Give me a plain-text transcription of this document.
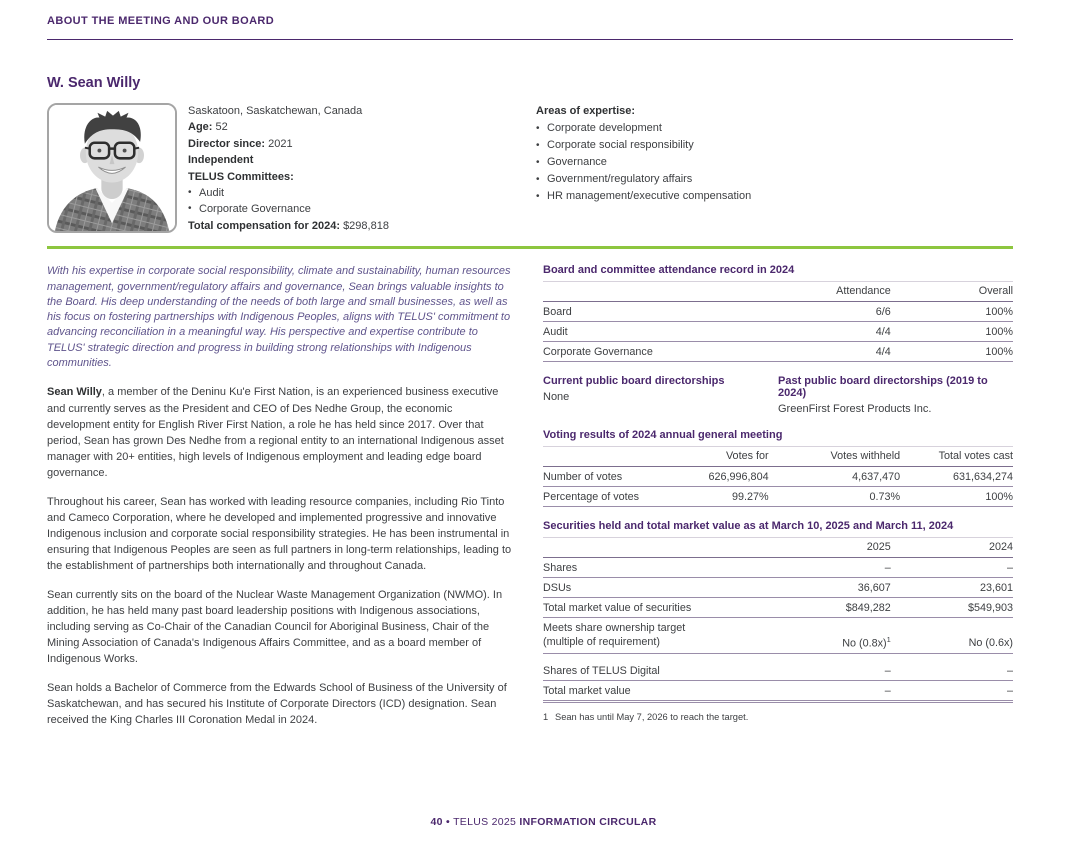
ABOUT THE MEETING AND OUR BOARD
W. Sean Willy
Saskatoon, Saskatchewan, Canada
Age: 52
Director since: 2021
Independent
TELUS Committees:
• Audit
• Corporate Governance
Total compensation for 2024: $298,818
Areas of expertise:
• Corporate development
• Corporate social responsibility
• Governance
• Government/regulatory affairs
• HR management/executive compensation

With his expertise in corporate social responsibility, climate and sustainability, human resources management, government/regulatory affairs and governance, Sean brings valuable insights to the Board. His deep understanding of the needs of both large and small businesses, as well as his focus on fostering partnerships with Indigenous Peoples, aligns with TELUS' commitment to advancing reconciliation in a meaningful way. His perspective and expertise contribute to TELUS' strategic direction and progress in building strong relationships with Indigenous communities.

Sean Willy, a member of the Deninu Ku'e First Nation, is an experienced business executive and currently serves as the President and CEO of Des Nedhe Group, the economic development entity for English River First Nation, a role he has held since 2017. Over that period, Sean has grown Des Nedhe from a regional entity to an international Indigenous asset manager with 20+ entities, high levels of Indigenous employment and leading edge board governance.

Throughout his career, Sean has worked with leading resource companies, including Rio Tinto and Cameco Corporation, where he developed and implemented progressive and innovative Indigenous inclusion and corporate social responsibility strategies. He has been instrumental in ensuring that Indigenous Peoples are seen as full partners in long-term relationships, leading to the establishment of partnerships both internationally and throughout Canada.

Sean currently sits on the board of the Nuclear Waste Management Organization (NWMO). In addition, he has held many past board leadership positions with Indigenous associations, including serving as Co-Chair of the Canadian Council for Aboriginal Business, Chair of the Mining Association of Canada's Indigenous Affairs Committee, and as a board member of Indigenous Works.

Sean holds a Bachelor of Commerce from the Edwards School of Business of the University of Saskatchewan, and has secured his Institute of Corporate Directors (ICD) designation. Sean received the King Charles III Coronation Medal in 2024.

Board and committee attendance record in 2024
	Attendance	Overall
Board	6/6	100%
Audit	4/4	100%
Corporate Governance	4/4	100%
Current public board directorships
None
Past public board directorships (2019 to 2024)
GreenFirst Forest Products Inc.
Voting results of 2024 annual general meeting
	Votes for	Votes withheld	Total votes cast
Number of votes	626,996,804	4,637,470	631,634,274
Percentage of votes	99.27%	0.73%	100%
Securities held and total market value as at March 10, 2025 and March 11, 2024
	2025	2024
Shares	–	–
DSUs	36,607	23,601
Total market value of securities	$849,282	$549,903
Meets share ownership target
(multiple of requirement)	No $(0.8x)^1$	No (0.6x)

Shares of TELUS Digital	–	–
Total market value	–	–
1 Sean has until May 7, 2026 to reach the target.
40 • TELUS 2025 INFORMATION CIRCULAR
